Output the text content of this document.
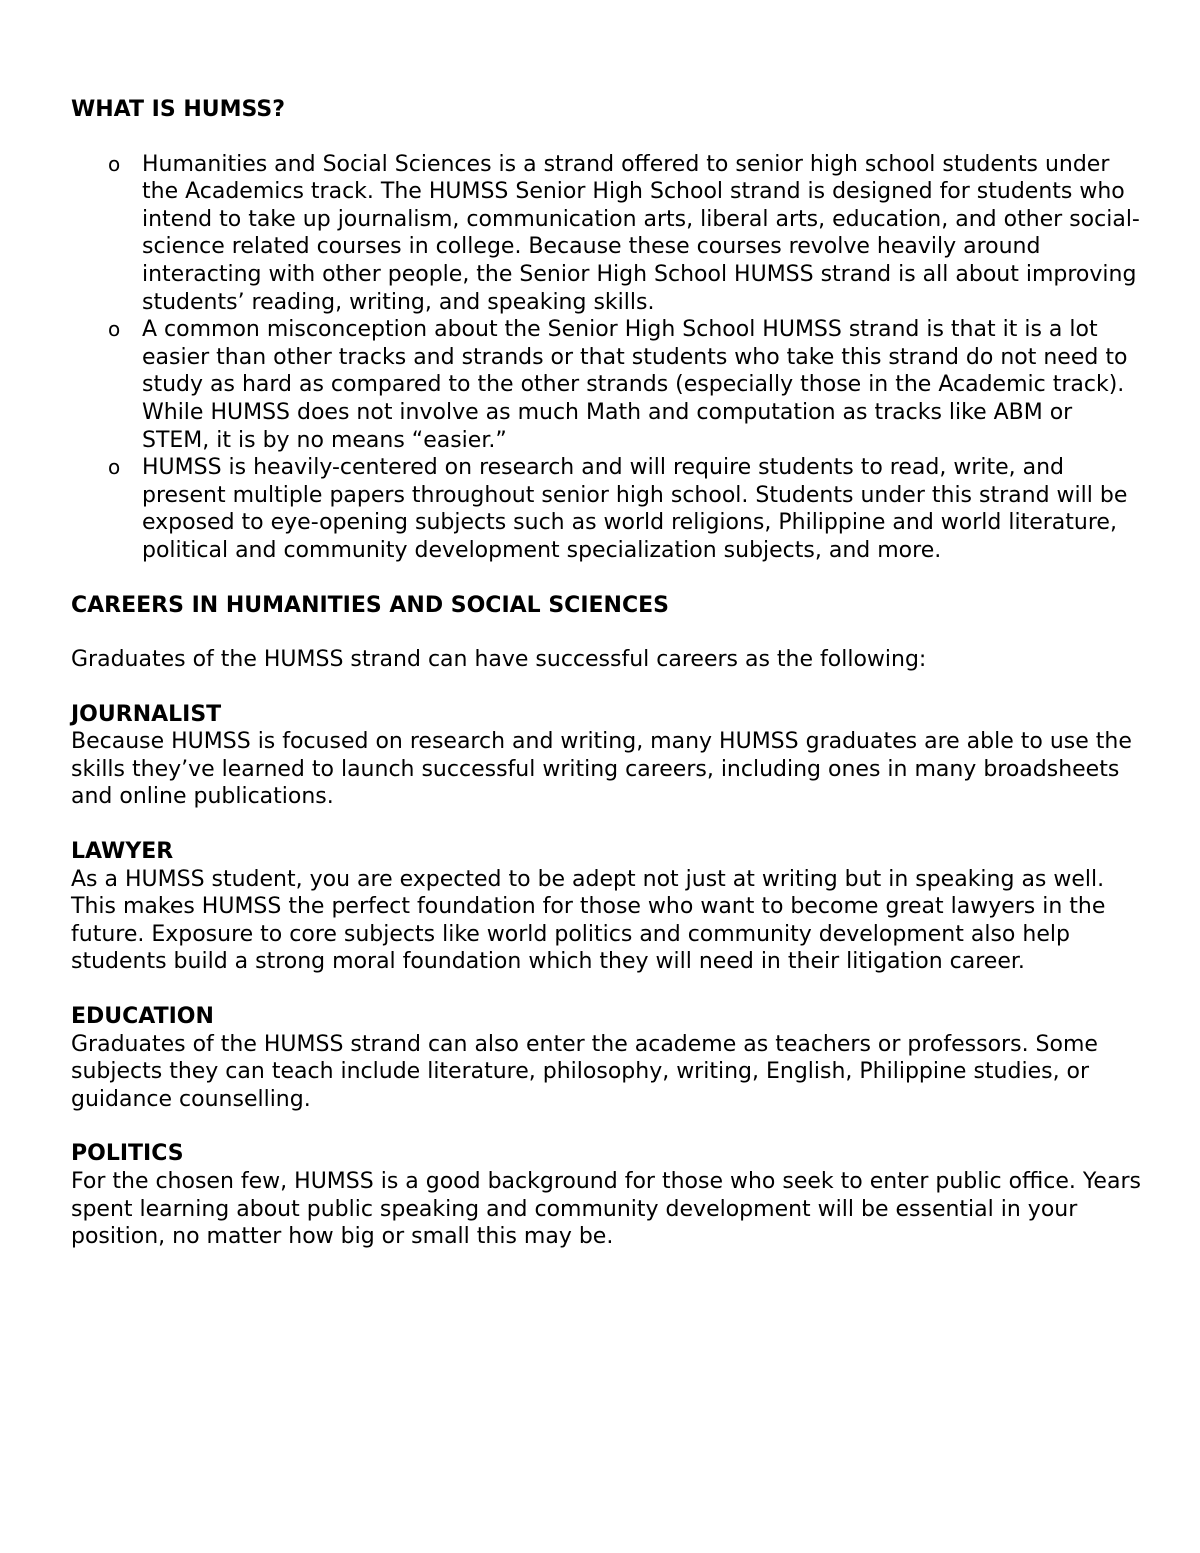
WHAT IS HUMSS?

o Humanities and Social Sciences is a strand offered to senior high school students under the Academics track. The HUMSS Senior High School strand is designed for students who intend to take up journalism, communication arts, liberal arts, education, and other social-science related courses in college. Because these courses revolve heavily around interacting with other people, the Senior High School HUMSS strand is all about improving students’ reading, writing, and speaking skills.
o A common misconception about the Senior High School HUMSS strand is that it is a lot easier than other tracks and strands or that students who take this strand do not need to study as hard as compared to the other strands (especially those in the Academic track). While HUMSS does not involve as much Math and computation as tracks like ABM or STEM, it is by no means “easier.”
o HUMSS is heavily-centered on research and will require students to read, write, and present multiple papers throughout senior high school. Students under this strand will be exposed to eye-opening subjects such as world religions, Philippine and world literature, political and community development specialization subjects, and more.

CAREERS IN HUMANITIES AND SOCIAL SCIENCES

Graduates of the HUMSS strand can have successful careers as the following:

JOURNALIST

Because HUMSS is focused on research and writing, many HUMSS graduates are able to use the skills they’ve learned to launch successful writing careers, including ones in many broadsheets and online publications.

LAWYER

As a HUMSS student, you are expected to be adept not just at writing but in speaking as well. This makes HUMSS the perfect foundation for those who want to become great lawyers in the future. Exposure to core subjects like world politics and community development also help students build a strong moral foundation which they will need in their litigation career.

EDUCATION

Graduates of the HUMSS strand can also enter the academe as teachers or professors. Some subjects they can teach include literature, philosophy, writing, English, Philippine studies, or guidance counselling.

POLITICS

For the chosen few, HUMSS is a good background for those who seek to enter public office. Years spent learning about public speaking and community development will be essential in your position, no matter how big or small this may be.
